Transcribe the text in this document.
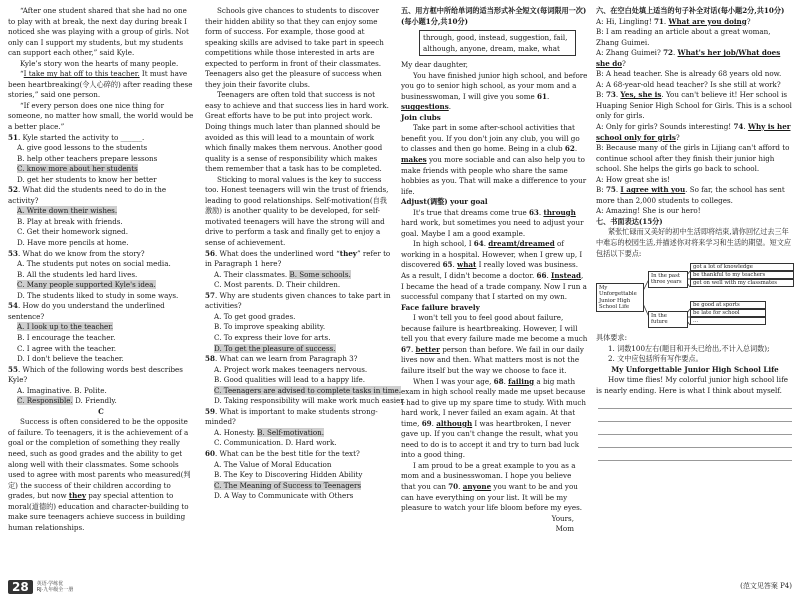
“After one student shared that she had no one to play with at break, the next day during break I noticed she was playing with a group of girls. Not only can I support my students, but my students can support each other,” said Kyle.

Kyle’s story won the hearts of many people.

“I take my hat off to this teacher. It must have been heartbreaking(令人心碎的) after reading these stories,” said one person.

“If every person does one nice thing for someone, no matter how small, the world would be a better place.”

51. Kyle started the activity to ______.

A. give good lessons to the students

B. help other teachers prepare lessons

C. know more about her students

D. get her students to know her better

52. What did the students need to do in the activity?

A. Write down their wishes.

B. Play at break with friends.

C. Get their homework signed.

D. Have more pencils at home.

53. What do we know from the story?

A. The students put notes on social media.

B. All the students led hard lives.

C. Many people supported Kyle's idea.

D. The students liked to study in some ways.

54. How do you understand the underlined sentence?

A. I look up to the teacher.

B. I encourage the teacher.

C. I agree with the teacher.

D. I don't believe the teacher.

55. Which of the following words best describes Kyle?

A. Imaginative. B. Polite.

C. Responsible. D. Friendly.

C

Success is often considered to be the opposite of failure. To teenagers, it is the achievement of a goal or the completion of something they really need, such as good grades and the ability to get along well with their classmates. Some schools used to agree with most parents who measured(判定) the success of their children according to grades, but now they pay special attention to moral(道德的) education and character-building to make sure teenagers achieve success in building human relationships.

Schools give chances to students to discover their hidden ability so that they can enjoy some form of success. For example, those good at speaking skills are advised to take part in speech competitions while those interested in arts are expected to perform in front of their classmates. Teenagers also get the pleasure of success when they join their favorite clubs.

Teenagers are often told that success is not easy to achieve and that success lies in hard work. Great efforts have to be put into project work. Doing things much later than planned should be avoided as this will lead to a mountain of work which finally makes them nervous. Another good quality is a sense of responsibility which makes them remember that a task has to be completed.

Sticking to moral values is the key to success too. Honest teenagers will win the trust of friends, leading to good relationships. Self-motivation(自我激励) is another quality to be developed, for self-motivated teenagers will have the strong will and drive to perform a task and finally get to enjoy a sense of achievement.

56. What does the underlined word “they” refer to in Paragraph 1 here?

A. Their classmates. B. Some schools.

C. Most parents. D. Their children.

57. Why are students given chances to take part in activities?

A. To get good grades.

B. To improve speaking ability.

C. To express their love for arts.

D. To get the pleasure of success.

58. What can we learn from Paragraph 3?

A. Project work makes teenagers nervous.

B. Good qualities will lead to a happy life.

C. Teenagers are advised to complete tasks in time.

D. Taking responsibility will make work much easier.

59. What is important to make students strong-minded?

A. Honesty. B. Self-motivation.

C. Communication. D. Hard work.

60. What can be the best title for the text?

A. The Value of Moral Education

B. The Key to Discovering Hidden Ability

C. The Meaning of Success to Teenagers

D. A Way to Communicate with Others

五、用方框中所给单词的适当形式补全短文(每词限用一次)(每小题1分,共10分)

through, good, instead, suggestion, fail, although, anyone, dream, make, what

My dear daughter,

You have finished junior high school, and before you go to senior high school, as your mom and a businesswoman, I will give you some 61. suggestions.

Join clubs

Take part in some after-school activities that benefit you. If you don't join any club, you will go to classes and then go home. Being in a club 62. makes you more sociable and can also help you to make friends with people who share the same hobbies as you. That will make a difference to your life.

Adjust(调整) your goal

It's true that dreams come true 63. through hard work, but sometimes you need to adjust your goal. Maybe I am a good example.

In high school, I 64. dreamt/dreamed of working in a hospital. However, when I grew up, I discovered 65. what I really loved was business. As a result, I didn't become a doctor. 66. Instead, I became the head of a trade company. Now I run a successful company that I started on my own.

Face failure bravely

I won't tell you to feel good about failure, because failure is heartbreaking. However, I will tell you that every failure made me become a much 67. better person than before. We fail in our daily lives now and then. What matters most is not the failure itself but the way we choose to face it.

When I was your age, 68. failing a big math exam in high school really made me upset because I had to give up my spare time to study. With much hard work, I never failed an exam again. At that time, 69. although I was heartbroken, I never gave up. If you can't change the result, what you need to do is to accept it and try to turn bad luck into a good thing.

I am proud to be a great example to you as a mom and a businesswoman. I hope you believe that you can 70. anyone you want to be and you can have everything on your list. It will be my pleasure to watch your life bloom before my eyes.

Yours,

Mom

六、在空白处填上适当的句子补全对话(每小题2分,共10分)

A: Hi, Lingling! 71. What are you doing?

B: I am reading an article about a great woman, Zhang Guimei.

A: Zhang Guimei? 72. What's her job/What does she do?

B: A head teacher. She is already 68 years old now.

A: A 68-year-old head teacher? Is she still at work?

B: 73. Yes, she is. You can't believe it! Her school is Huaping Senior High School for Girls. This is a school only for girls.

A: Only for girls? Sounds interesting! 74. Why is her school only for girls?

B: Because many of the girls in Lijiang can't afford to continue school after they finish their junior high school. She helps the girls go back to school.

A: How great she is!

B: 75. I agree with you. So far, the school has sent more than 2,000 students to colleges.

A: Amazing! She is our hero!

七、书面表达(15分)

紧张忙碌而又美好的初中生活即将结束,请你回忆过去三年中难忘的校园生活,并描述你对将来学习和生活的期望。短文应包括以下要点:

My Unforgettable Junior High School Life
In the past three years
In the future
got a lot of knowledge
be thankful to my teachers
get on well with my classmates
be good at sports
be late for school
...

具体要求:

1. 词数100左右(题目和开头已给出,不计入总词数);

2. 文中应包括所有写作要点。

My Unforgettable Junior High School Life

How time flies! My colorful junior high school life is nearly ending. Here is what I think about myself.

28	英语·学练优
RJ·九年级全一册	(范文见答案 P4)
